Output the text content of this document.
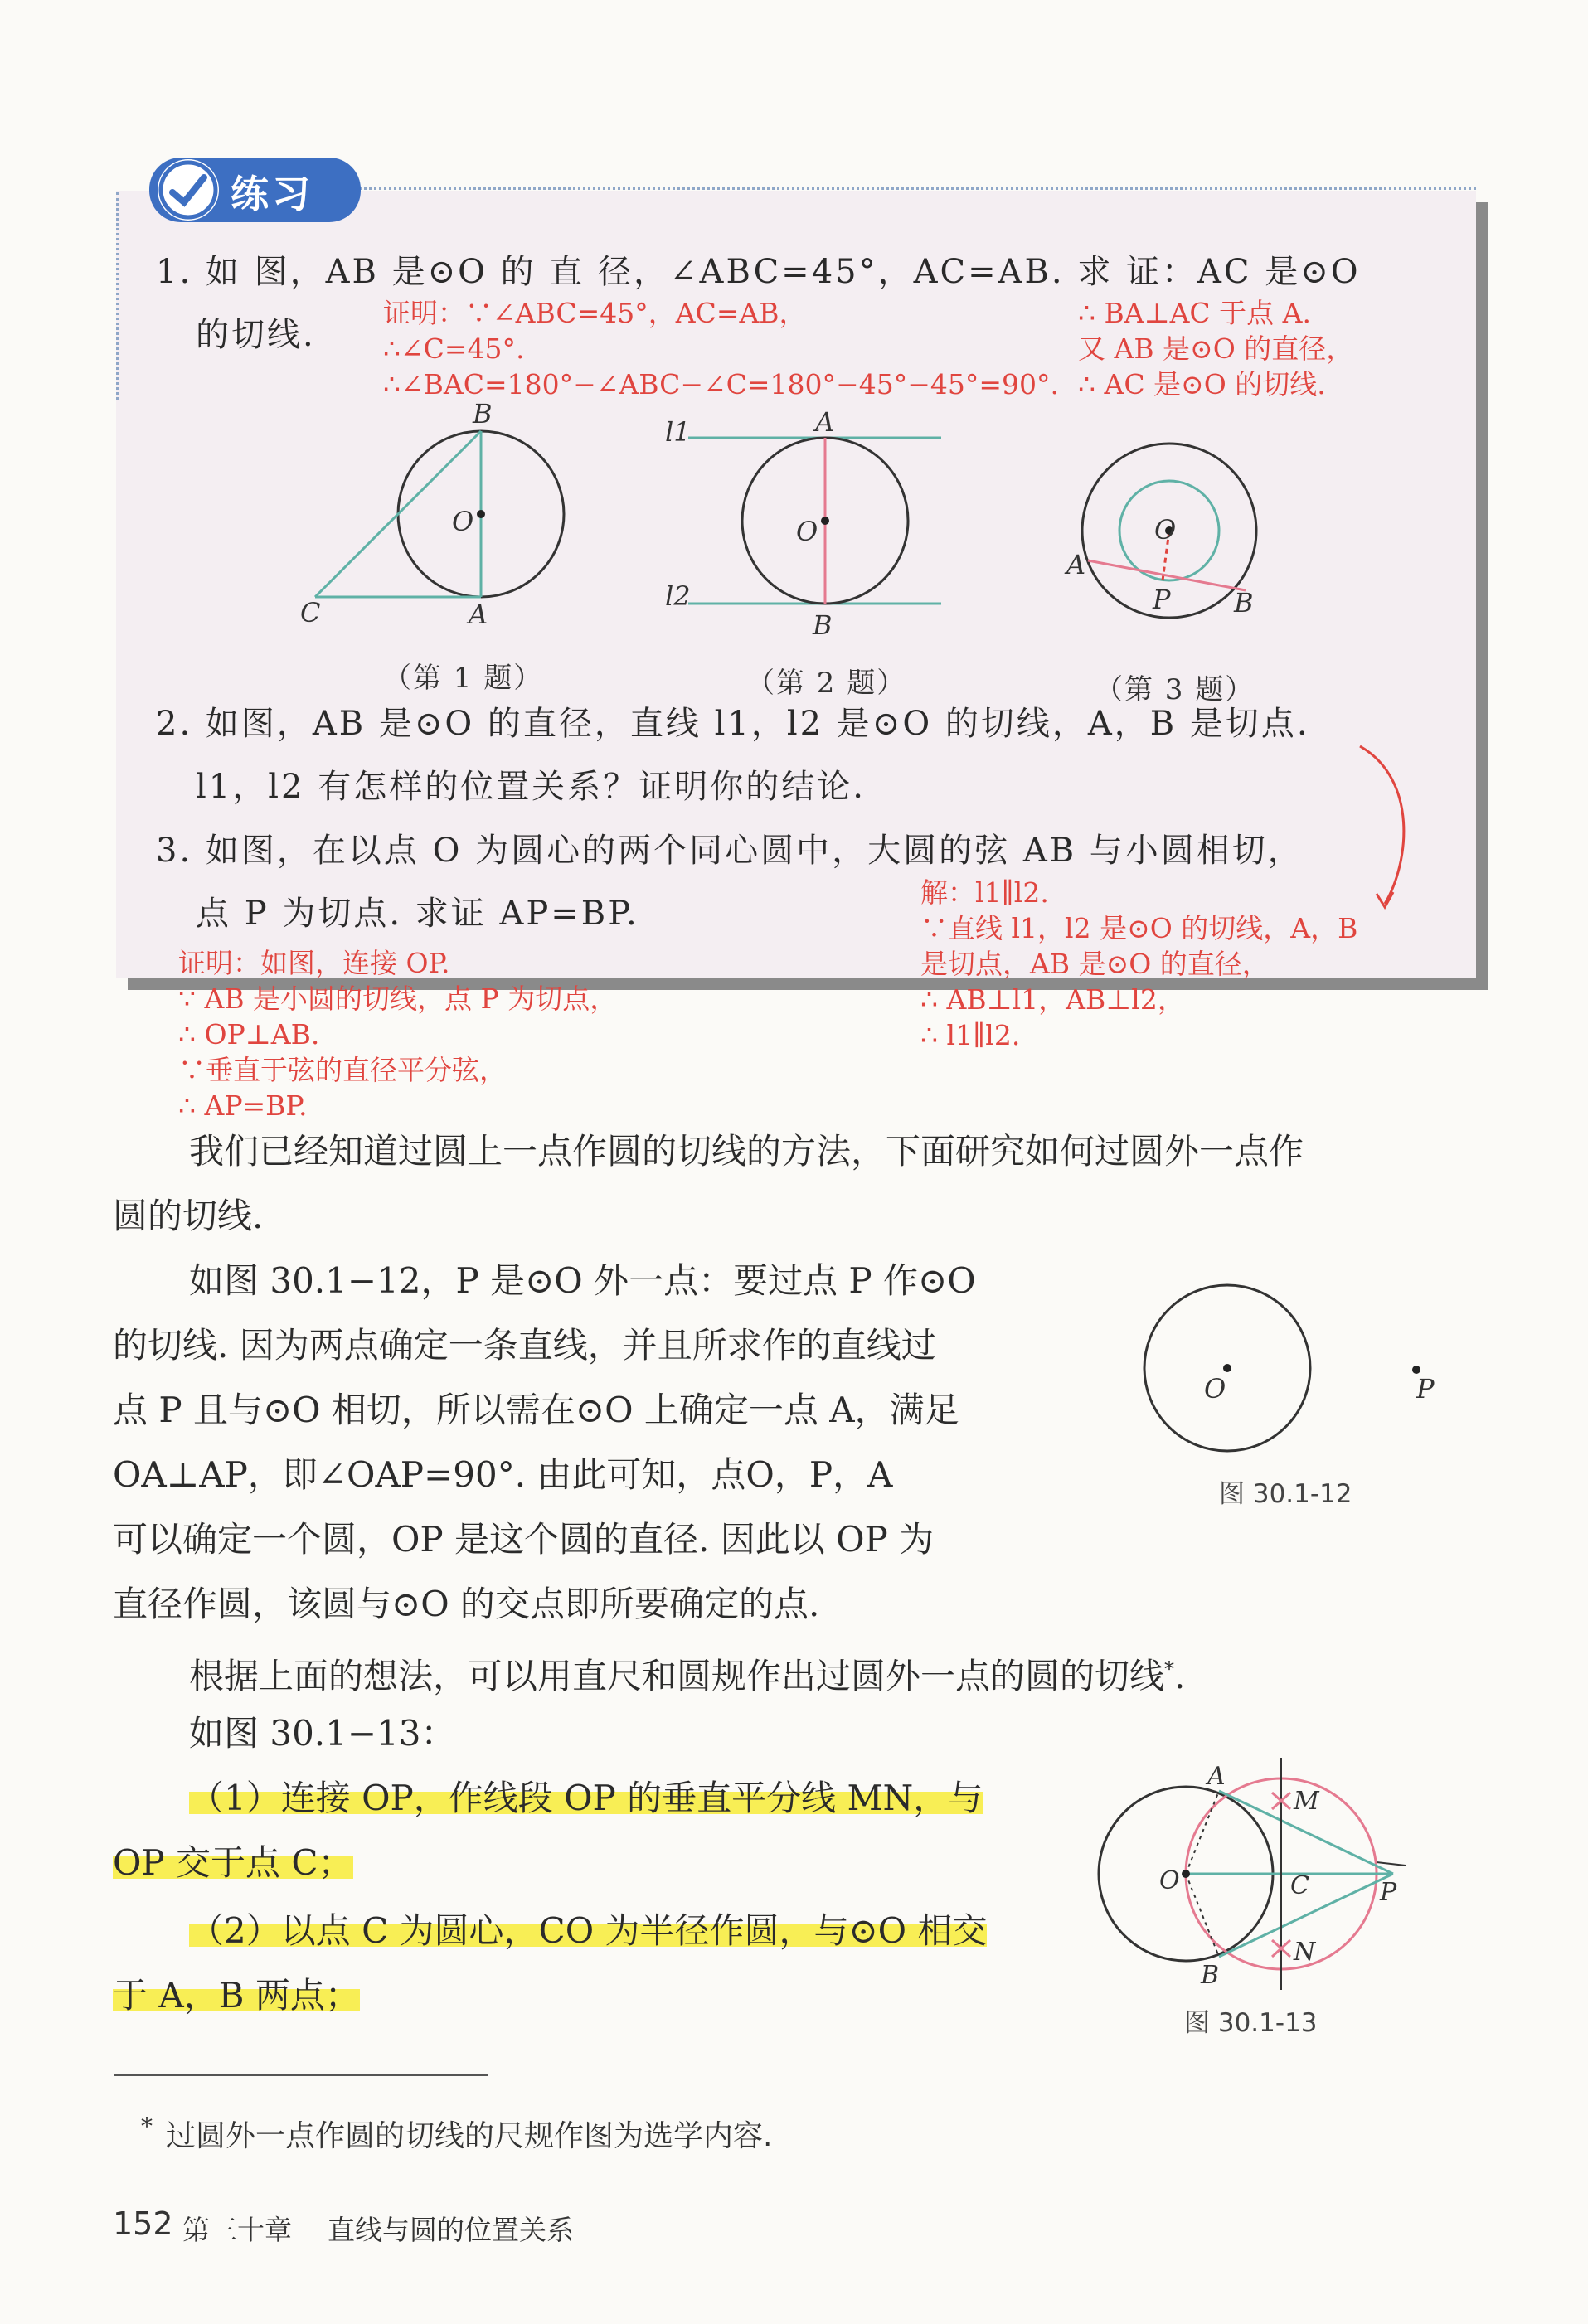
练习
1. 如 图，AB 是⊙O 的 直 径，∠ABC=45°，AC=AB. 求 证：AC 是⊙O
的切线.
证明：∵∠ABC=45°，AC=AB，
∴∠C=45°.
∴∠BAC=180°−∠ABC−∠C=180°−45°−45°=90°.
∴ BA⊥AC 于点 A.
又 AB 是⊙O 的直径，
∴ AC 是⊙O 的切线.
B
O
C	A
l1
l2
A
O
B
O
A
P B
（第 1 题）	（第 2 题）	（第 3 题）
2. 如图，AB 是⊙O 的直径，直线 l1，l2 是⊙O 的切线，A，B 是切点.
l1，l2 有怎样的位置关系？证明你的结论.
3. 如图，在以点 O 为圆心的两个同心圆中，大圆的弦 AB 与小圆相切，
点 P 为切点. 求证 AP=BP.
解：l1∥l2.
∵直线 l1，l2 是⊙O 的切线，A，B
是切点，AB 是⊙O 的直径，
∴ AB⊥l1，AB⊥l2，
∴ l1∥l2.
证明：如图，连接 OP.
∵ AB 是小圆的切线，点 P 为切点，
∴ OP⊥AB.
∵垂直于弦的直径平分弦，
∴ AP=BP.
我们已经知道过圆上一点作圆的切线的方法，下面研究如何过圆外一点作
圆的切线.
如图 30.1−12，P 是⊙O 外一点：要过点 P 作⊙O
的切线. 因为两点确定一条直线，并且所求作的直线过
点 P 且与⊙O 相切，所以需在⊙O 上确定一点 A，满足
OA⊥AP，即∠OAP=90°. 由此可知，点O，P，A
可以确定一个圆，OP 是这个圆的直径. 因此以 OP 为
直径作圆，该圆与⊙O 的交点即所要确定的点.
O	P
图 30.1-12
根据上面的想法，可以用直尺和圆规作出过圆外一点的圆的切线*.
如图 30.1−13：
（1）连接 OP，作线段 OP 的垂直平分线 MN，与
OP 交于点 C；
（2）以点 C 为圆心，CO 为半径作圆，与⊙O 相交
于 A，B 两点；
A
M
O	C	P
N
B
图 30.1-13
* 过圆外一点作圆的切线的尺规作图为选学内容.
152 第三十章 直线与圆的位置关系
